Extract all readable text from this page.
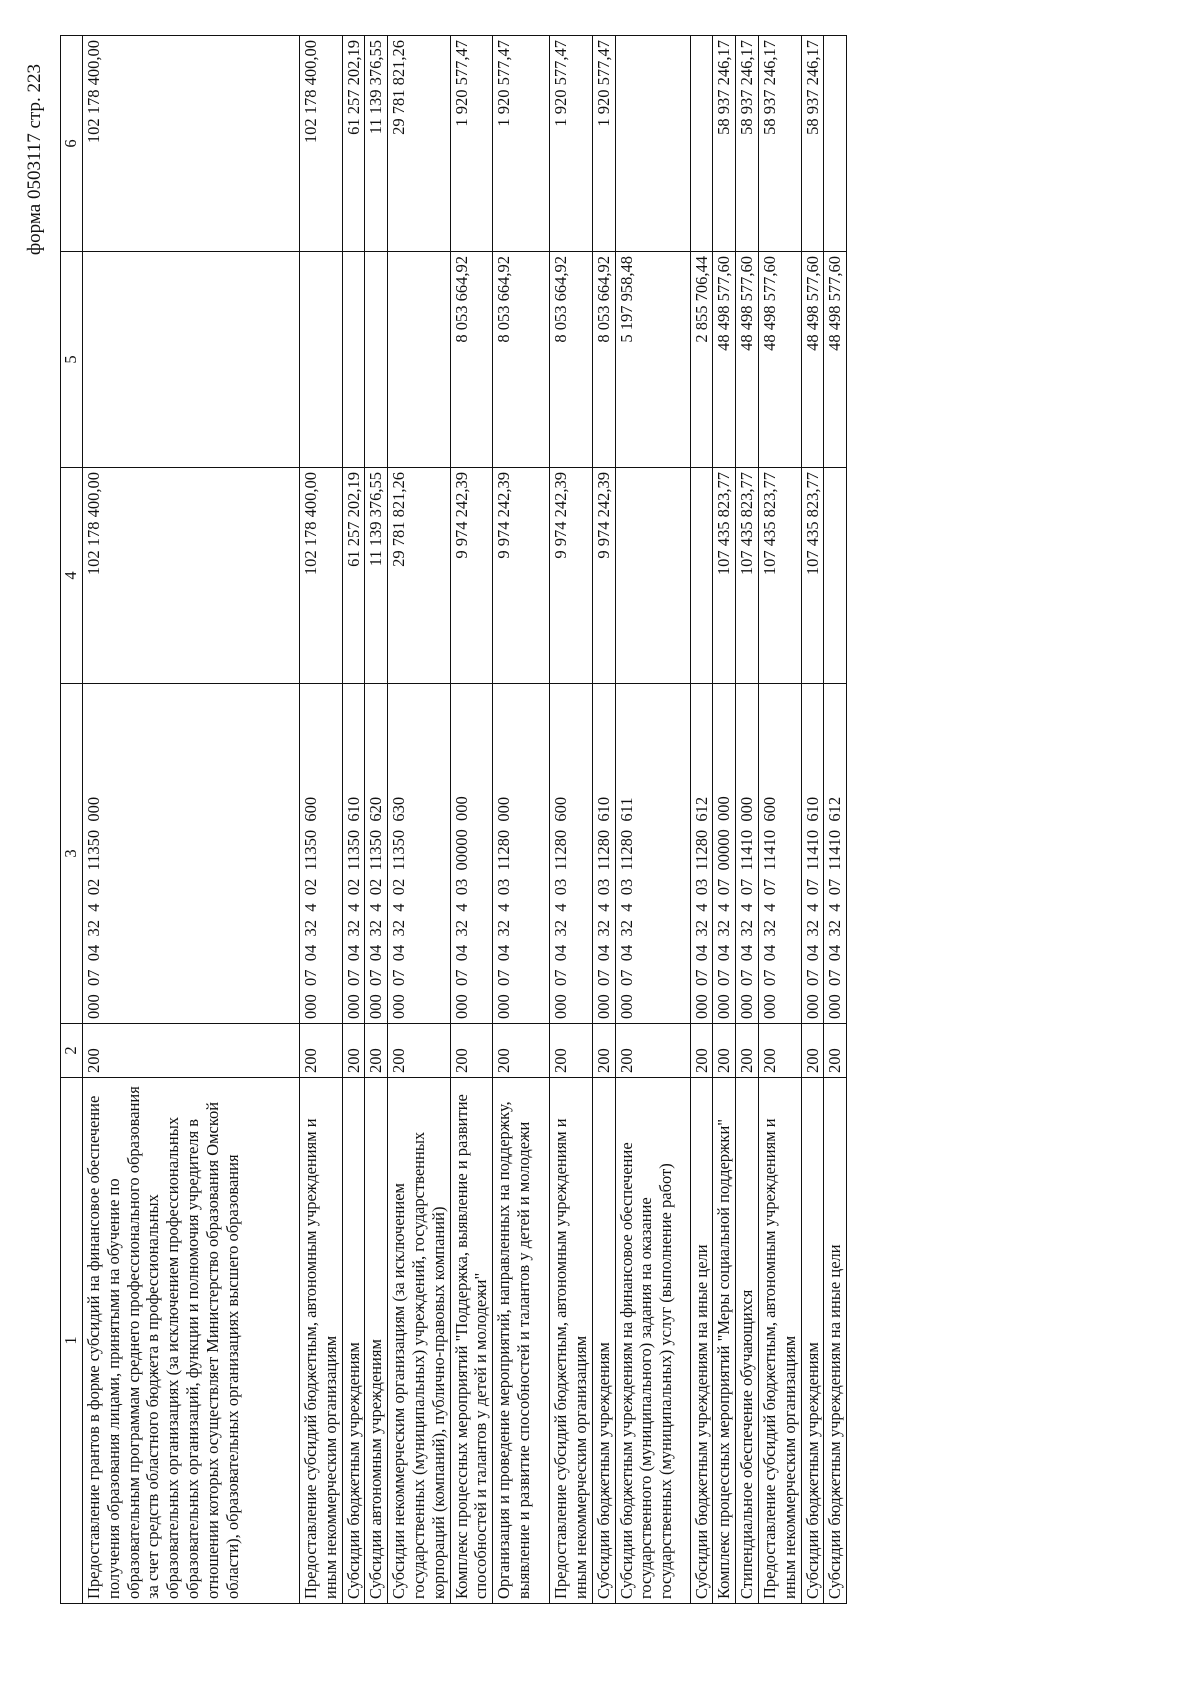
форма 0503117 стр. 223
1	2	3	4	5	6
Предоставление грантов в форме субсидий на финансовое обеспечение получения образования лицами, принятыми на обучение по образовательным программам среднего профессионального образования за счет средств областного бюджета в профессиональных образовательных организациях (за исключением профессиональных образовательных организаций, функции и полномочия учредителя в отношении которых осуществляет Министерство образования Омской области), образовательных организациях высшего образования	200	000  07  04  32  4  02  11350  000	102 178 400,00		102 178 400,00
Предоставление субсидий бюджетным, автономным учреждениям и иным некоммерческим организациям	200	000  07  04  32  4  02  11350  600	102 178 400,00		102 178 400,00
Субсидии бюджетным учреждениям	200	000  07  04  32  4  02  11350  610	61 257 202,19		61 257 202,19
Субсидии автономным учреждениям	200	000  07  04  32  4  02  11350  620	11 139 376,55		11 139 376,55
Субсидии некоммерческим организациям (за исключением государственных (муниципальных) учреждений, государственных корпораций (компаний), публично-правовых компаний)	200	000  07  04  32  4  02  11350  630	29 781 821,26		29 781 821,26
Комплекс процессных мероприятий "Поддержка, выявление и развитие способностей и талантов у детей и молодежи"	200	000  07  04  32  4  03  00000  000	9 974 242,39	8 053 664,92	1 920 577,47
Организация и проведение мероприятий, направленных на поддержку, выявление и развитие способностей и талантов у детей и молодежи	200	000  07  04  32  4  03  11280  000	9 974 242,39	8 053 664,92	1 920 577,47
Предоставление субсидий бюджетным, автономным учреждениям и иным некоммерческим организациям	200	000  07  04  32  4  03  11280  600	9 974 242,39	8 053 664,92	1 920 577,47
Субсидии бюджетным учреждениям	200	000  07  04  32  4  03  11280  610	9 974 242,39	8 053 664,92	1 920 577,47
Субсидии бюджетным учреждениям на финансовое обеспечение государственного (муниципального) задания на оказание государственных (муниципальных) услуг (выполнение работ)	200	000  07  04  32  4  03  11280  611		5 197 958,48	
Субсидии бюджетным учреждениям на иные цели	200	000  07  04  32  4  03  11280  612		2 855 706,44	
Комплекс процессных мероприятий "Меры социальной поддержки"	200	000  07  04  32  4  07  00000  000	107 435 823,77	48 498 577,60	58 937 246,17
Стипендиальное обеспечение обучающихся	200	000  07  04  32  4  07  11410  000	107 435 823,77	48 498 577,60	58 937 246,17
Предоставление субсидий бюджетным, автономным учреждениям и иным некоммерческим организациям	200	000  07  04  32  4  07  11410  600	107 435 823,77	48 498 577,60	58 937 246,17
Субсидии бюджетным учреждениям	200	000  07  04  32  4  07  11410  610	107 435 823,77	48 498 577,60	58 937 246,17
Субсидии бюджетным учреждениям на иные цели	200	000  07  04  32  4  07  11410  612		48 498 577,60	
